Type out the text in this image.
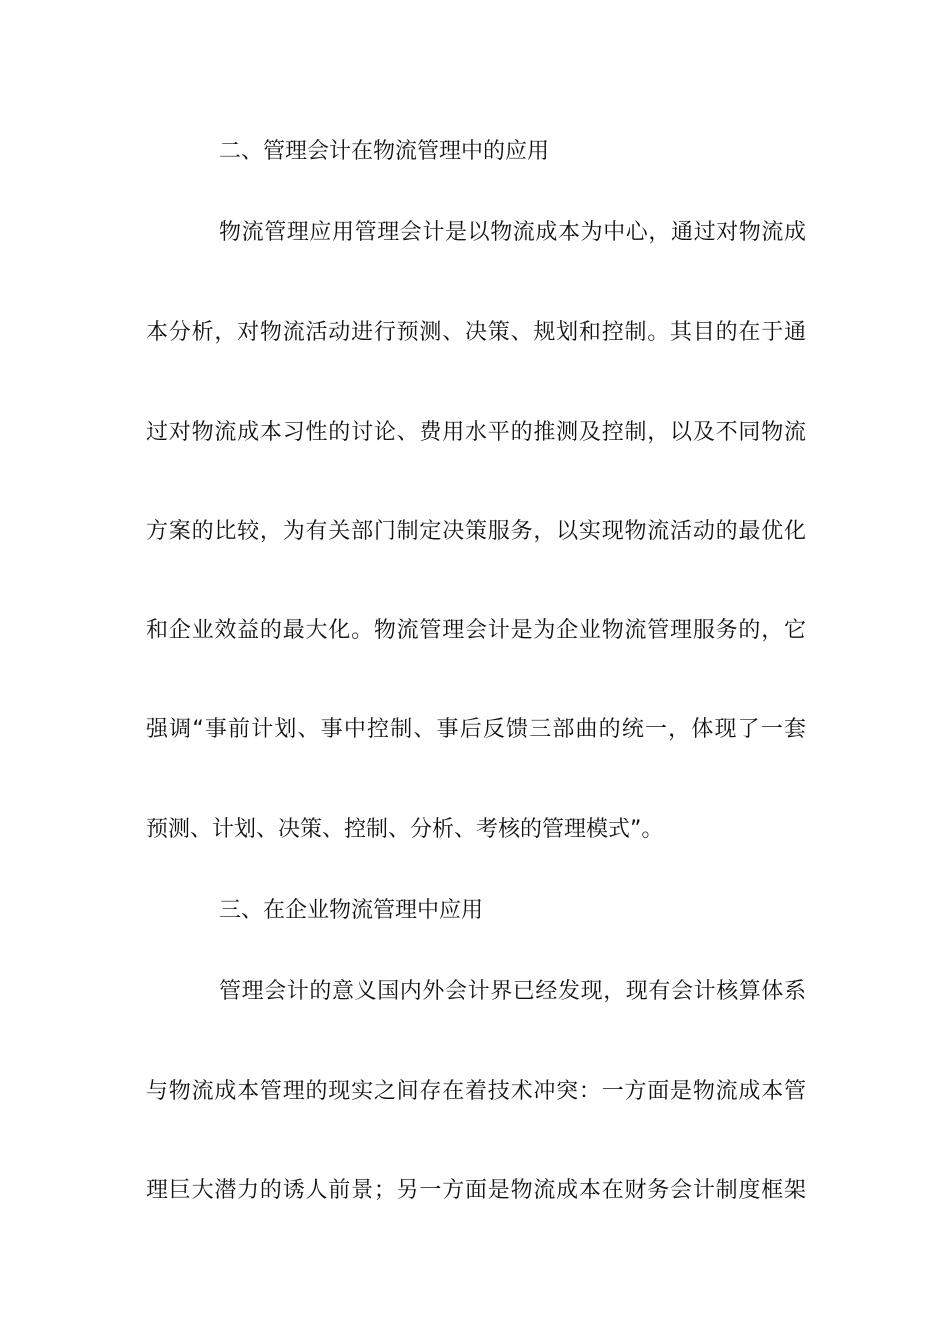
二、管理会计在物流管理中的应用
物流管理应用管理会计是以物流成本为中心，通过对物流成
本分析，对物流活动进行预测、决策、规划和控制。其目的在于通
过对物流成本习性的讨论、费用水平的推测及控制，以及不同物流
方案的比较，为有关部门制定决策服务，以实现物流活动的最优化
和企业效益的最大化。物流管理会计是为企业物流管理服务的，它
强调“事前计划、事中控制、事后反馈三部曲的统一，体现了一套
预测、计划、决策、控制、分析、考核的管理模式”。
三、在企业物流管理中应用
管理会计的意义国内外会计界已经发现，现有会计核算体系
与物流成本管理的现实之间存在着技术冲突：一方面是物流成本管
理巨大潜力的诱人前景；另一方面是物流成本在财务会计制度框架
